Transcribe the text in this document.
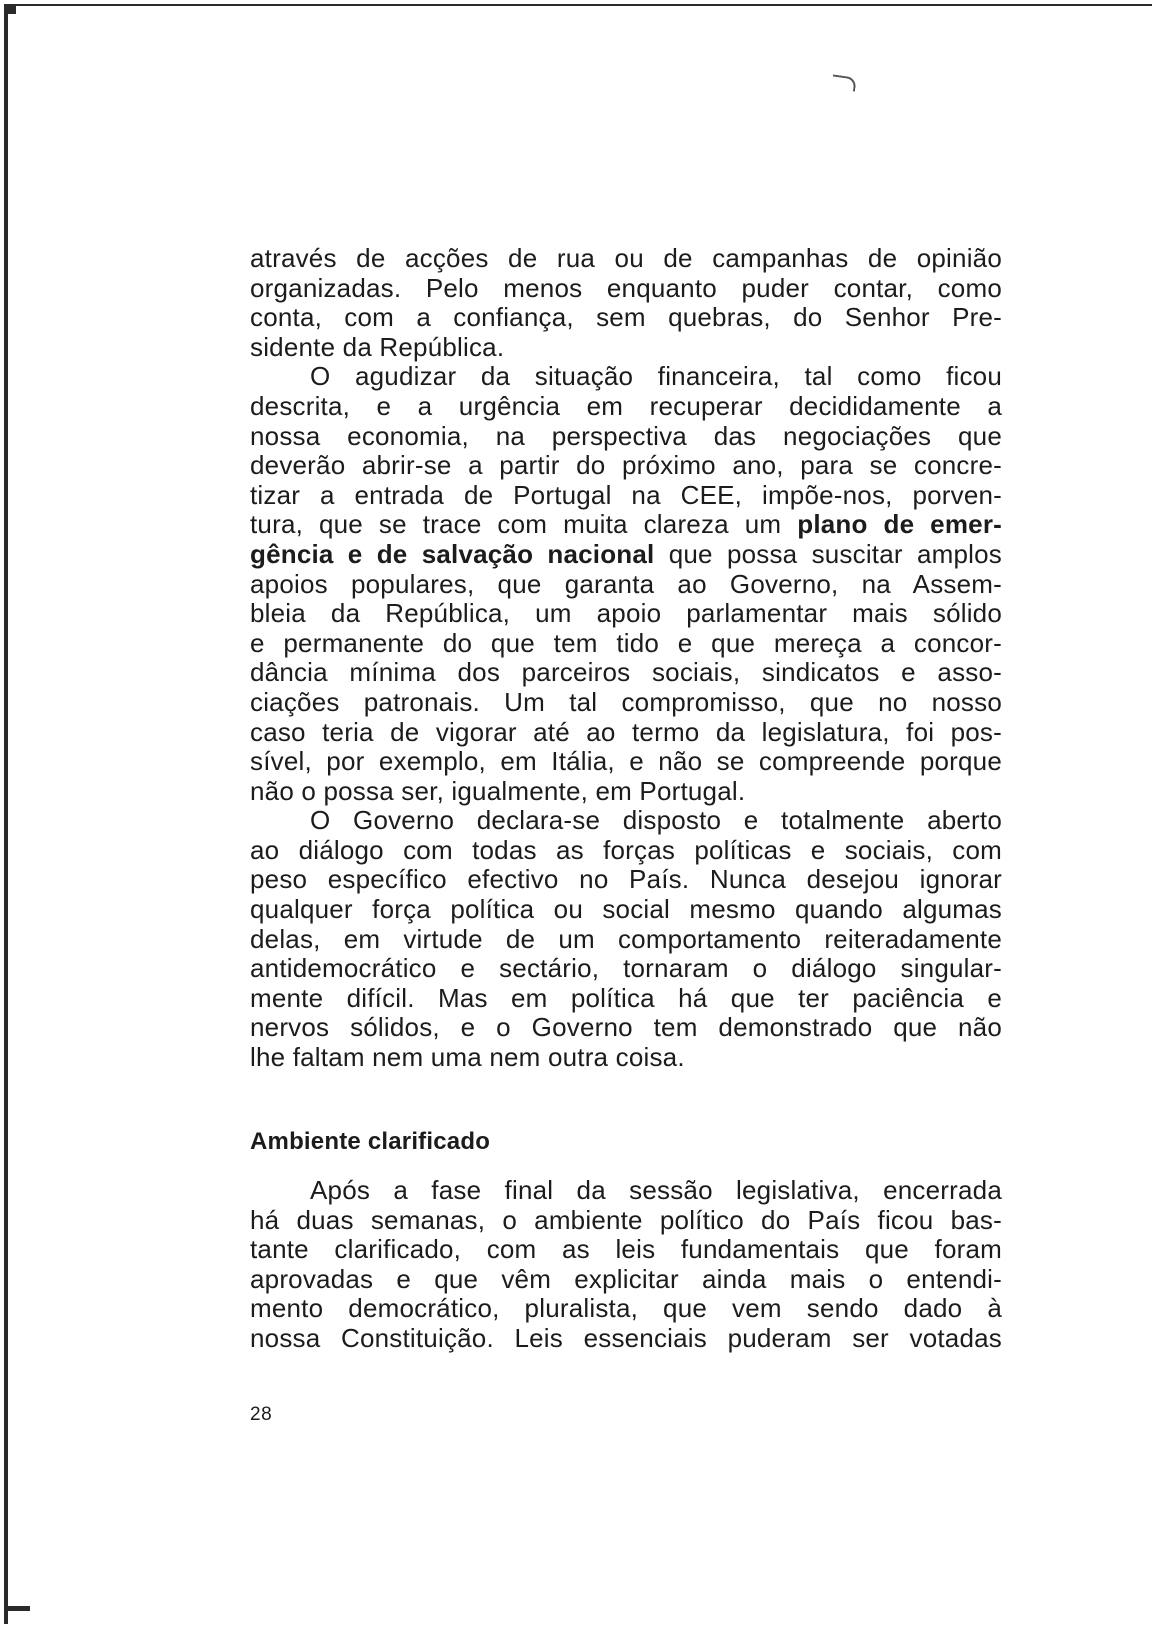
através de acções de rua ou de campanhas de opinião
organizadas. Pelo menos enquanto puder contar, como
conta, com a confiança, sem quebras, do Senhor Pre-
sidente da República.
O agudizar da situação financeira, tal como ficou
descrita, e a urgência em recuperar decididamente a
nossa economia, na perspectiva das negociações que
deverão abrir-se a partir do próximo ano, para se concre-
tizar a entrada de Portugal na CEE, impõe-nos, porven-
tura, que se trace com muita clareza um plano de emer-
gência e de salvação nacional que possa suscitar amplos
apoios populares, que garanta ao Governo, na Assem-
bleia da República, um apoio parlamentar mais sólido
e permanente do que tem tido e que mereça a concor-
dância mínima dos parceiros sociais, sindicatos e asso-
ciações patronais. Um tal compromisso, que no nosso
caso teria de vigorar até ao termo da legislatura, foi pos-
sível, por exemplo, em Itália, e não se compreende porque
não o possa ser, igualmente, em Portugal.
O Governo declara-se disposto e totalmente aberto
ao diálogo com todas as forças políticas e sociais, com
peso específico efectivo no País. Nunca desejou ignorar
qualquer força política ou social mesmo quando algumas
delas, em virtude de um comportamento reiteradamente
antidemocrático e sectário, tornaram o diálogo singular-
mente difícil. Mas em política há que ter paciência e
nervos sólidos, e o Governo tem demonstrado que não
lhe faltam nem uma nem outra coisa.
Ambiente clarificado
Após a fase final da sessão legislativa, encerrada
há duas semanas, o ambiente político do País ficou bas-
tante clarificado, com as leis fundamentais que foram
aprovadas e que vêm explicitar ainda mais o entendi-
mento democrático, pluralista, que vem sendo dado à
nossa Constituição. Leis essenciais puderam ser votadas
28
